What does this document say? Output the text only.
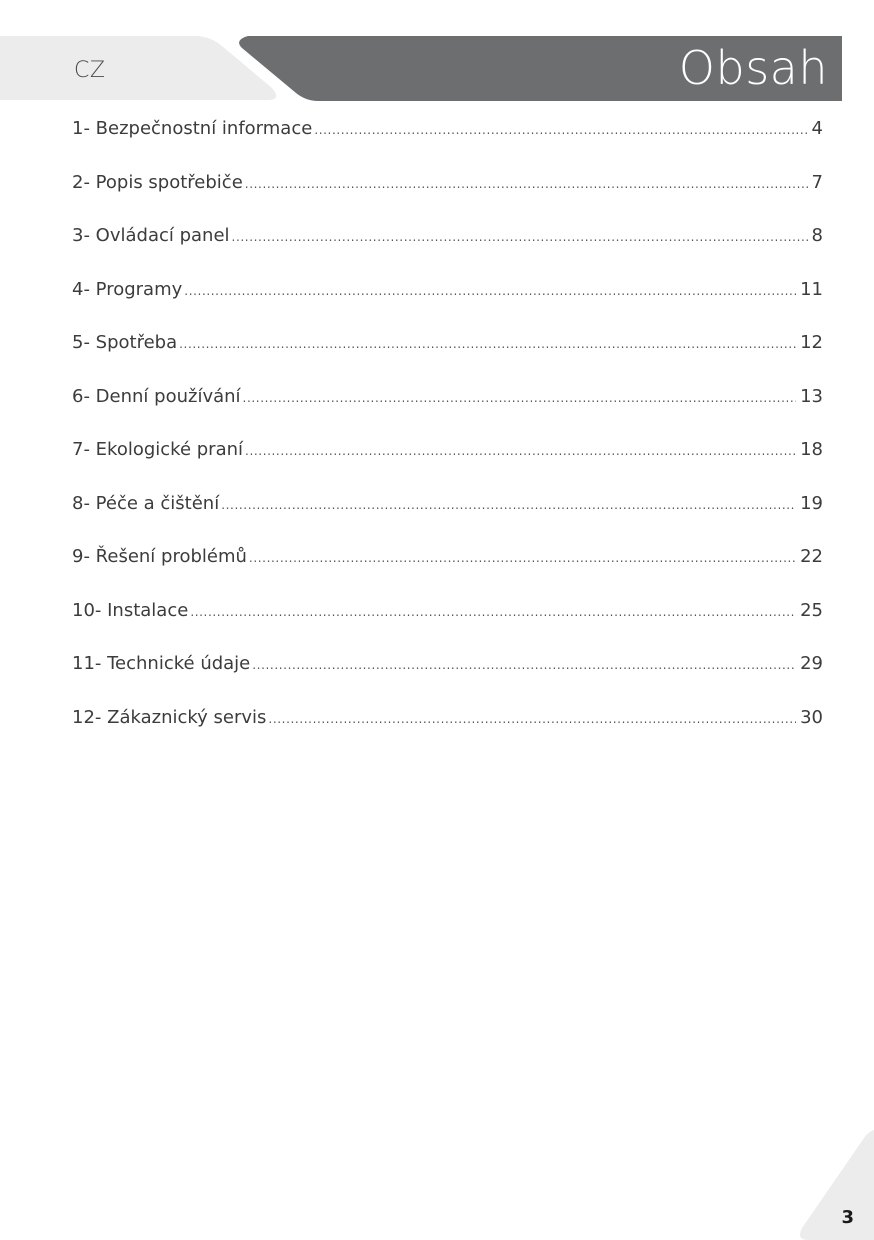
CZ	Obsah
1- Bezpečnostní informace .....	4
2- Popis spotřebiče .....	7
3- Ovládací panel .....	8
4- Programy .....	11
5- Spotřeba .....	12
6- Denní používání .....	13
7- Ekologické praní .....	18
8- Péče a čištění .....	19
9- Řešení problémů .....	22
10- Instalace .....	25
11- Technické údaje .....	29
12- Zákaznický servis .....	30
3
